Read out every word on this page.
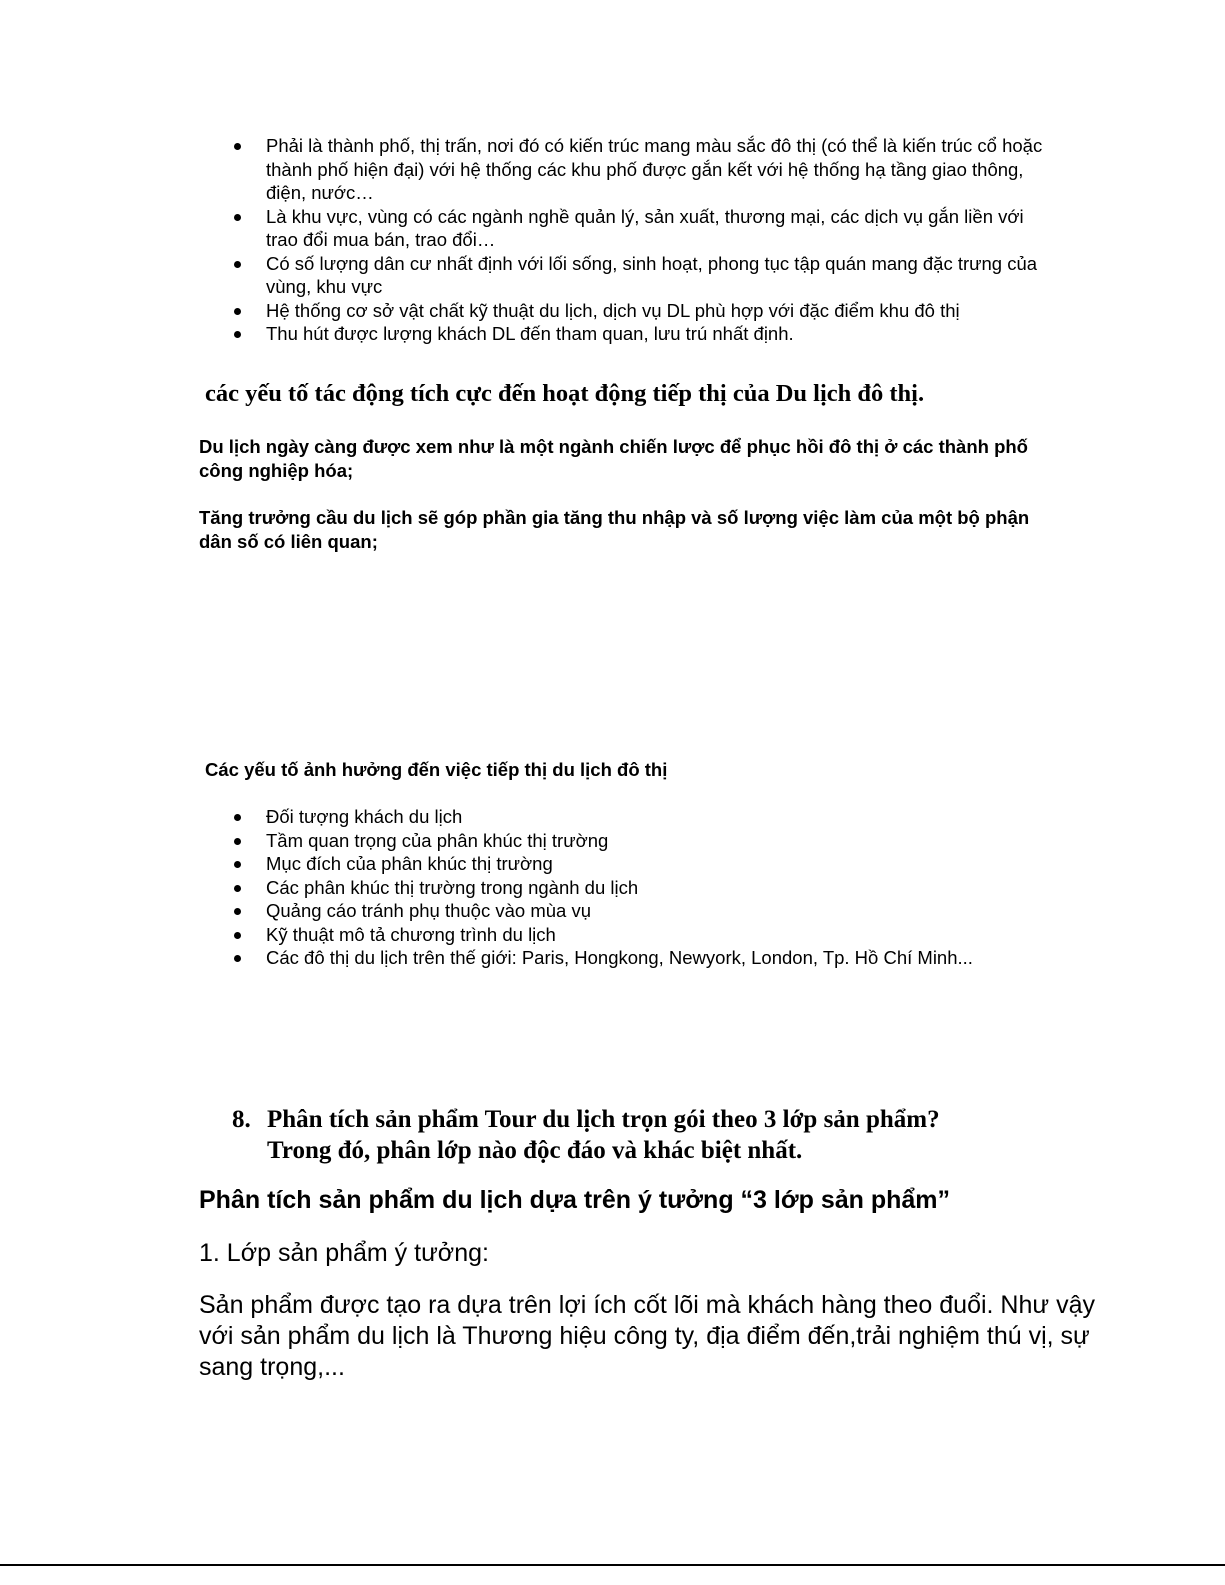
Phải là thành phố, thị trấn, nơi đó có kiến trúc mang màu sắc đô thị (có thể là kiến trúc cổ hoặc thành phố hiện đại) với hệ thống các khu phố được gắn kết với hệ thống hạ tầng giao thông, điện, nước…
Là khu vực, vùng có các ngành nghề quản lý, sản xuất, thương mại, các dịch vụ gắn liền với trao đổi mua bán, trao đổi…
Có số lượng dân cư nhất định với lối sống, sinh hoạt, phong tục tập quán mang đặc trưng của vùng, khu vực
Hệ thống cơ sở vật chất kỹ thuật du lịch, dịch vụ DL phù hợp với đặc điểm khu đô thị
Thu hút được lượng khách DL đến tham quan, lưu trú nhất định.
các yếu tố tác động tích cực đến hoạt động tiếp thị của Du lịch đô thị.

Du lịch ngày càng được xem như là một ngành chiến lược để phục hồi đô thị ở các thành phố công nghiệp hóa;

Tăng trưởng cầu du lịch sẽ góp phần gia tăng thu nhập và số lượng việc làm của một bộ phận dân số có liên quan;

Các yếu tố ảnh hưởng đến việc tiếp thị du lịch đô thị
Đối tượng khách du lịch
Tầm quan trọng của phân khúc thị trường
Mục đích của phân khúc thị trường
Các phân khúc thị trường trong ngành du lịch
Quảng cáo tránh phụ thuộc vào mùa vụ
Kỹ thuật mô tả chương trình du lịch
Các đô thị du lịch trên thế giới: Paris, Hongkong, Newyork, London, Tp. Hồ Chí Minh...
8. Phân tích sản phẩm Tour du lịch trọn gói theo 3 lớp sản phẩm?
Trong đó, phân lớp nào độc đáo và khác biệt nhất.
Phân tích sản phẩm du lịch dựa trên ý tưởng “3 lớp sản phẩm”
1. Lớp sản phẩm ý tưởng:

Sản phẩm được tạo ra dựa trên lợi ích cốt lõi mà khách hàng theo đuổi. Như vậy với sản phẩm du lịch là Thương hiệu công ty, địa điểm đến,trải nghiệm thú vị, sự sang trọng,...
